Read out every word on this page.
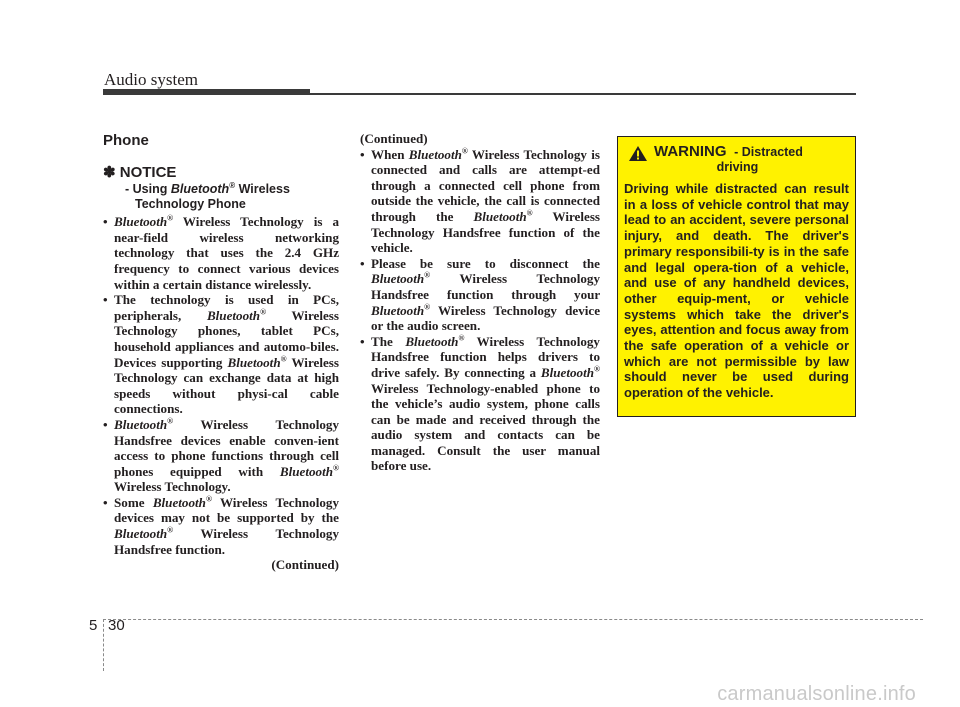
Audio system
Phone
✽ NOTICE
- Using Bluetooth® Wireless
Technology Phone
• Bluetooth® Wireless Technology is a near-field wireless networking technology that uses the 2.4 GHz frequency to connect various devices within a certain distance wirelessly.
• The technology is used in PCs, peripherals, Bluetooth® Wireless Technology phones, tablet PCs, household appliances and automo-biles. Devices supporting Bluetooth® Wireless Technology can exchange data at high speeds without physi-cal cable connections.
• Bluetooth® Wireless Technology Handsfree devices enable conven-ient access to phone functions through cell phones equipped with Bluetooth® Wireless Technology.
• Some Bluetooth® Wireless Technology devices may not be supported by the Bluetooth® Wireless Technology Handsfree function.
(Continued)
(Continued)
• When Bluetooth® Wireless Technology is connected and calls are attempt-ed through a connected cell phone from outside the vehicle, the call is connected through the Bluetooth® Wireless Technology Handsfree function of the vehicle.
• Please be sure to disconnect the Bluetooth® Wireless Technology Handsfree function through your Bluetooth® Wireless Technology device or the audio screen.
• The Bluetooth® Wireless Technology Handsfree function helps drivers to drive safely. By connecting a Bluetooth® Wireless Technology-enabled phone to the vehicle’s audio system, phone calls can be made and received through the audio system and contacts can be managed. Consult the user manual before use.
WARNING - Distracted
driving
Driving while distracted can result in a loss of vehicle control that may lead to an accident, severe personal injury, and death. The driver's primary responsibili-ty is in the safe and legal opera-tion of a vehicle, and use of any handheld devices, other equip-ment, or vehicle systems which take the driver's eyes, attention and focus away from the safe operation of a vehicle or which are not permissible by law should never be used during operation of the vehicle.
5 30
carmanualsonline.info
